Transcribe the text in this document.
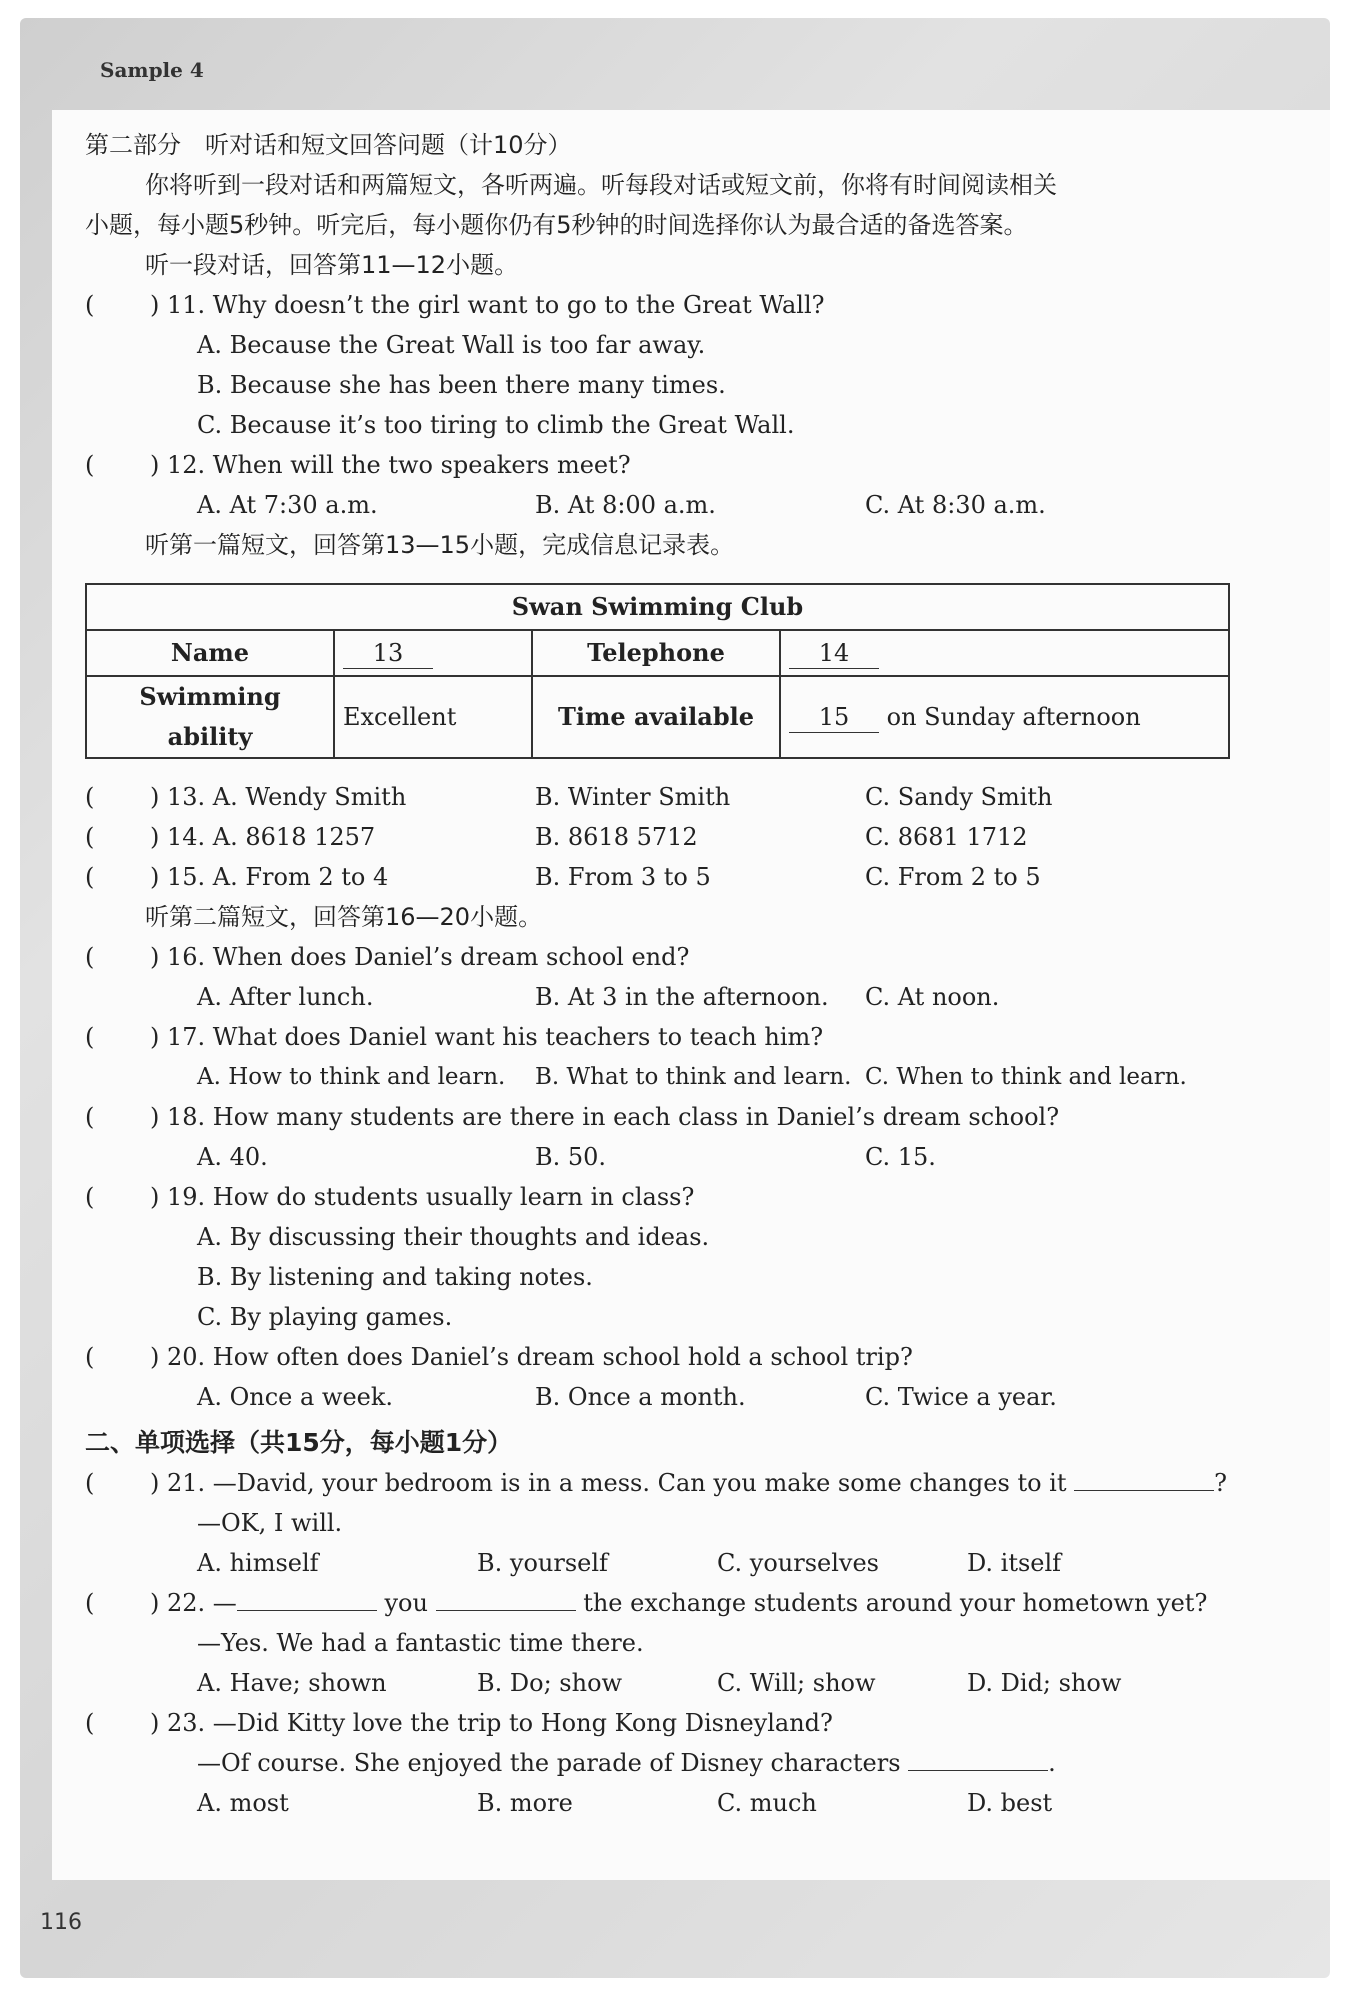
Sample 4
116
第二部分　听对话和短文回答问题（计10分）
你将听到一段对话和两篇短文，各听两遍。听每段对话或短文前，你将有时间阅读相关
小题，每小题5秒钟。听完后，每小题你仍有5秒钟的时间选择你认为最合适的备选答案。
听一段对话，回答第11—12小题。
( ) 11. Why doesn’t the girl want to go to the Great Wall?
A. Because the Great Wall is too far away.
B. Because she has been there many times.
C. Because it’s too tiring to climb the Great Wall.
( ) 12. When will the two speakers meet?
A. At 7:30 a.m.	B. At 8:00 a.m.	C. At 8:30 a.m.
听第一篇短文，回答第13—15小题，完成信息记录表。
Swan Swimming Club			
Name	13	Telephone	14
Swimming ability	Excellent	Time available	15 on Sunday afternoon
( ) 13. A. Wendy Smith	B. Winter Smith	C. Sandy Smith
( ) 14. A. 8618 1257	B. 8618 5712	C. 8681 1712
( ) 15. A. From 2 to 4	B. From 3 to 5	C. From 2 to 5
听第二篇短文，回答第16—20小题。
( ) 16. When does Daniel’s dream school end?
A. After lunch.	B. At 3 in the afternoon. C. At noon.
( ) 17. What does Daniel want his teachers to teach him?
A. How to think and learn. B. What to think and learn. C. When to think and learn.
( ) 18. How many students are there in each class in Daniel’s dream school?
A. 40.	B. 50.	C. 15.
( ) 19. How do students usually learn in class?
A. By discussing their thoughts and ideas.
B. By listening and taking notes.
C. By playing games.
( ) 20. How often does Daniel’s dream school hold a school trip?
A. Once a week.	B. Once a month.	C. Twice a year.
二、单项选择（共15分，每小题1分）
( ) 21. —David, your bedroom is in a mess. Can you make some changes to it	?
—OK, I will.
A. himself	B. yourself	C. yourselves	D. itself
( ) 22. —	you	the exchange students around your hometown yet?
—Yes. We had a fantastic time there.
A. Have; shown	B. Do; show	C. Will; show	D. Did; show
( ) 23. —Did Kitty love the trip to Hong Kong Disneyland?
—Of course. She enjoyed the parade of Disney characters	.
A. most	B. more	C. much	D. best
